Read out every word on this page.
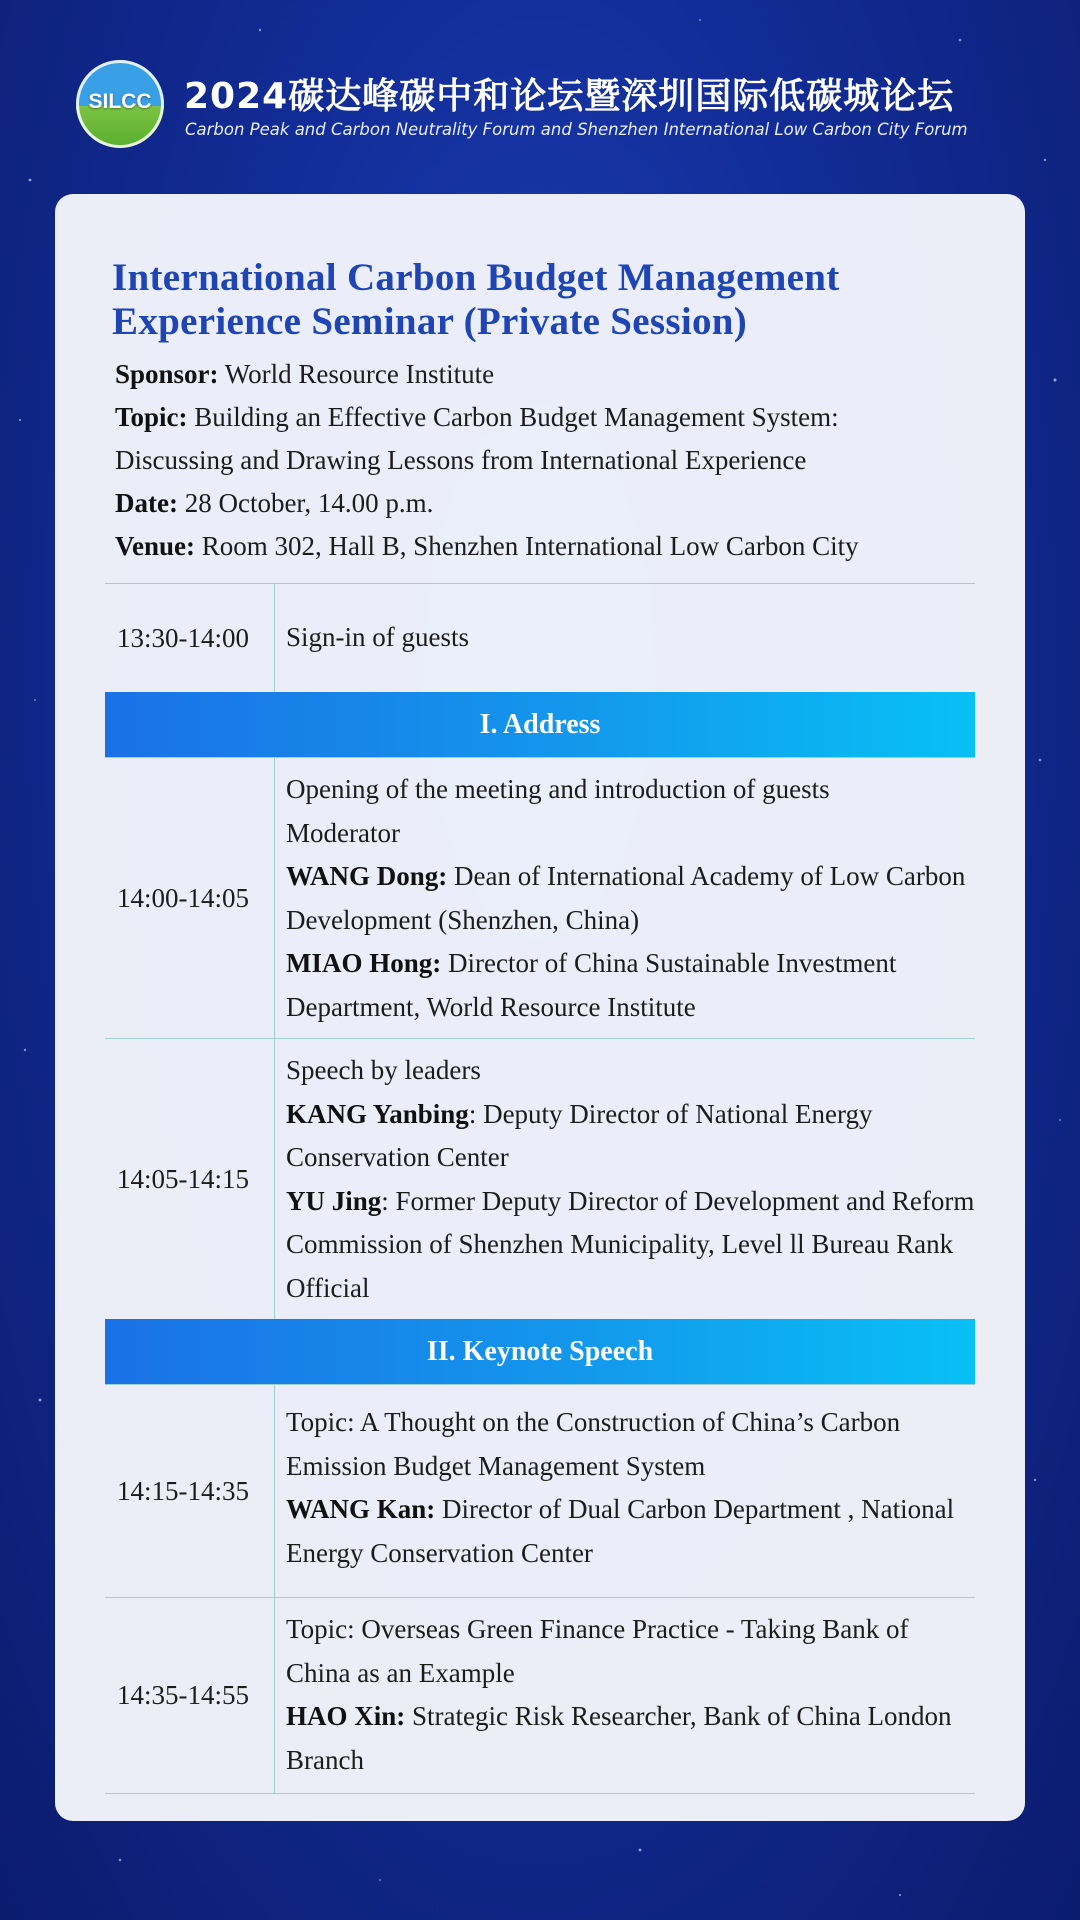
SILCC 2024碳达峰碳中和论坛暨深圳国际低碳城论坛
Carbon Peak and Carbon Neutrality Forum and Shenzhen International Low Carbon City Forum
International Carbon Budget Management
Experience Seminar (Private Session)
Sponsor: World Resource Institute
Topic: Building an Effective Carbon Budget Management System:
Discussing and Drawing Lessons from International Experience
Date: 28 October, 14.00 p.m.
Venue: Room 302, Hall B, Shenzhen International Low Carbon City
13:30-14:00	Sign-in of guests
I. Address
14:00-14:05
Opening of the meeting and introduction of guests
Moderator
WANG Dong: Dean of International Academy of Low Carbon Development (Shenzhen, China)
MIAO Hong: Director of China Sustainable Investment Department, World Resource Institute
14:05-14:15
Speech by leaders
KANG Yanbing: Deputy Director of National Energy Conservation Center
YU Jing: Former Deputy Director of Development and Reform Commission of Shenzhen Municipality, Level ll Bureau Rank Official
II. Keynote Speech
14:15-14:35
Topic: A Thought on the Construction of China’s Carbon Emission Budget Management System
WANG Kan: Director of Dual Carbon Department , National Energy Conservation Center
14:35-14:55
Topic: Overseas Green Finance Practice - Taking Bank of China as an Example
HAO Xin: Strategic Risk Researcher, Bank of China London Branch
